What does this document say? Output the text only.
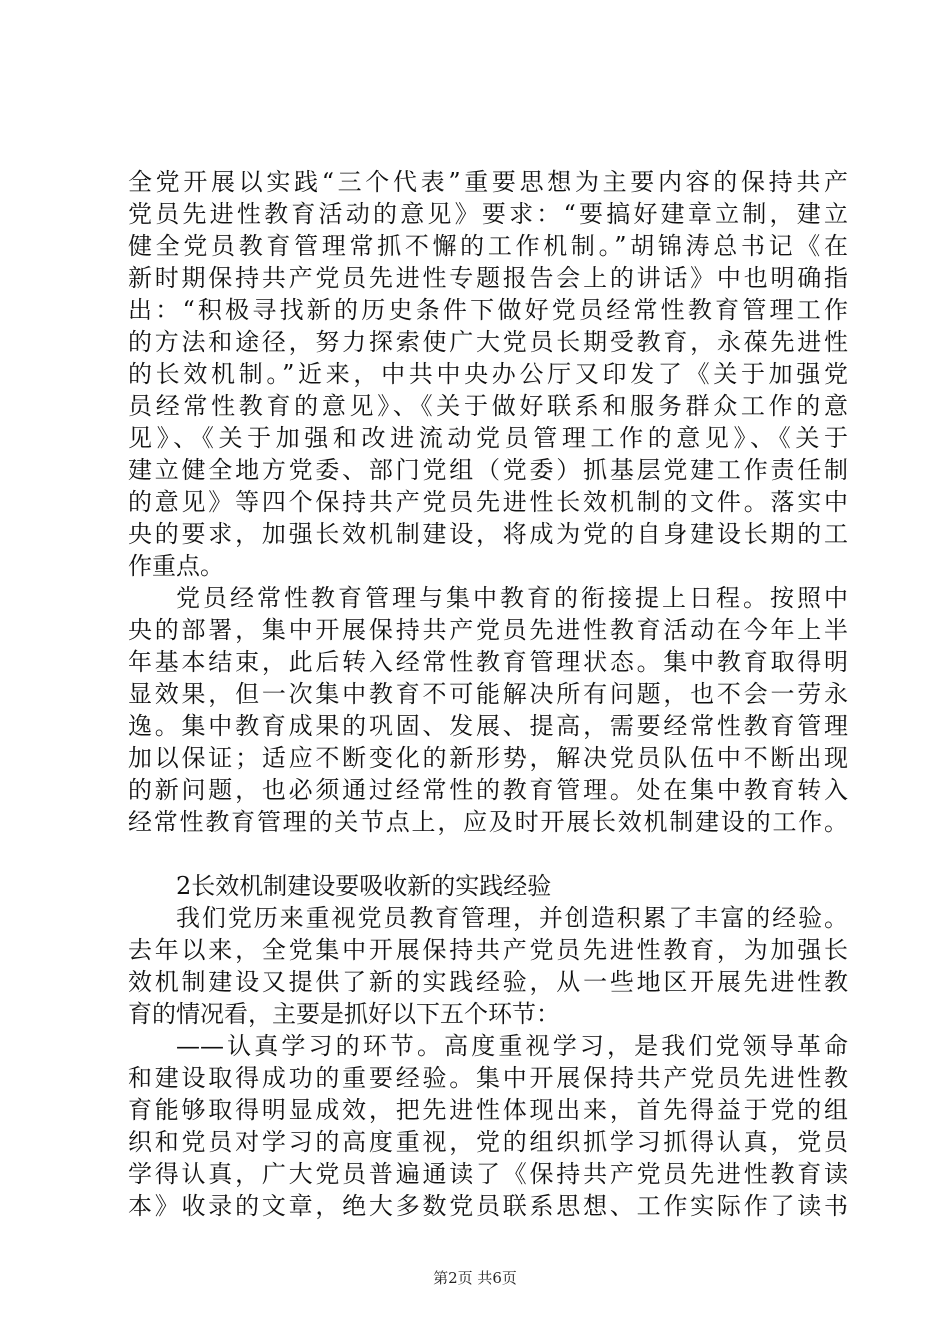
全党开展以实践“三个代表”重要思想为主要内容的保持共产
党员先进性教育活动的意见》要求：“要搞好建章立制，建立
健全党员教育管理常抓不懈的工作机制。”胡锦涛总书记《在
新时期保持共产党员先进性专题报告会上的讲话》中也明确指
出：“积极寻找新的历史条件下做好党员经常性教育管理工作
的方法和途径，努力探索使广大党员长期受教育，永葆先进性
的长效机制。”近来，中共中央办公厅又印发了《关于加强党
员经常性教育的意见》、《关于做好联系和服务群众工作的意
见》、《关于加强和改进流动党员管理工作的意见》、《关于
建立健全地方党委、部门党组（党委）抓基层党建工作责任制
的意见》等四个保持共产党员先进性长效机制的文件。落实中
央的要求，加强长效机制建设，将成为党的自身建设长期的工
作重点。
党员经常性教育管理与集中教育的衔接提上日程。按照中
央的部署，集中开展保持共产党员先进性教育活动在今年上半
年基本结束，此后转入经常性教育管理状态。集中教育取得明
显效果，但一次集中教育不可能解决所有问题，也不会一劳永
逸。集中教育成果的巩固、发展、提高，需要经常性教育管理
加以保证；适应不断变化的新形势，解决党员队伍中不断出现
的新问题，也必须通过经常性的教育管理。处在集中教育转入
经常性教育管理的关节点上，应及时开展长效机制建设的工作。
2长效机制建设要吸收新的实践经验
我们党历来重视党员教育管理，并创造积累了丰富的经验。
去年以来，全党集中开展保持共产党员先进性教育，为加强长
效机制建设又提供了新的实践经验，从一些地区开展先进性教
育的情况看，主要是抓好以下五个环节：
——认真学习的环节。高度重视学习，是我们党领导革命
和建设取得成功的重要经验。集中开展保持共产党员先进性教
育能够取得明显成效，把先进性体现出来，首先得益于党的组
织和党员对学习的高度重视，党的组织抓学习抓得认真，党员
学得认真，广大党员普遍通读了《保持共产党员先进性教育读
本》收录的文章，绝大多数党员联系思想、工作实际作了读书
第2页 共6页
